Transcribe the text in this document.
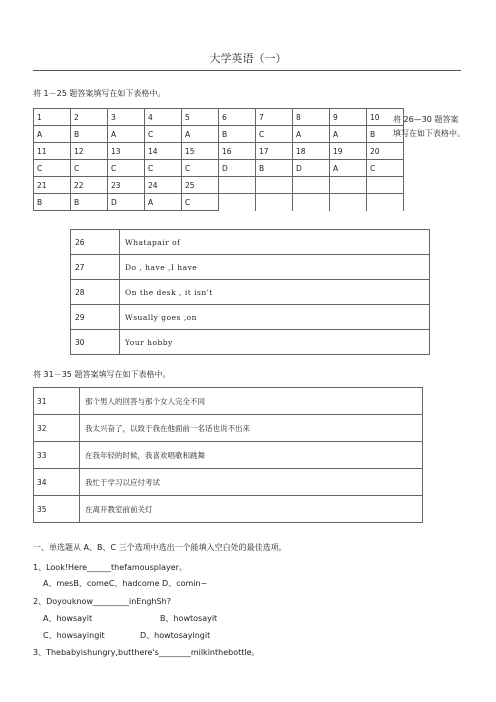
大学英语（一）
将 1－25 题答案填写在如下表格中。
1	2	3	4	5	6	7	8	9	10
A	B	A	C	A	B	C	A	A	B
11	12	13	14	15	16	17	18	19	20
C	C	C	C	C	D	B	D	A	C
21	22	23	24	25					
B	B	D	A	C					
将 26—30 题答案填写在如下表格中。
26	Whatapair of
27	Do , have ,I have
28	On the desk , it isn't
29	Wsually goes ,on
30	Your hobby
将 31－35 题答案填写在如下表格中。
31	那个男人的回答与那个女人完全不同
32	我太兴奋了，以致于我在他面前一名话也说不出来
33	在我年轻的时候，我喜欢唱歌和跳舞
34	我忙于学习以应付考试
35	在离开教室前前关灯
一、单选题从 A、B、C 三个选项中选出一个能填入空白处的最佳选项。
1、Look!Here______thefamousplayer。
A、mesB、comeC、hadcome D、comin~
2、Doyouknow_________inEnghSh?
A、howsayit	B、howtosayit
C、howsayingit	D、howtosayingit
3、Thebabyishungry,butthere's________milkinthebottle。
